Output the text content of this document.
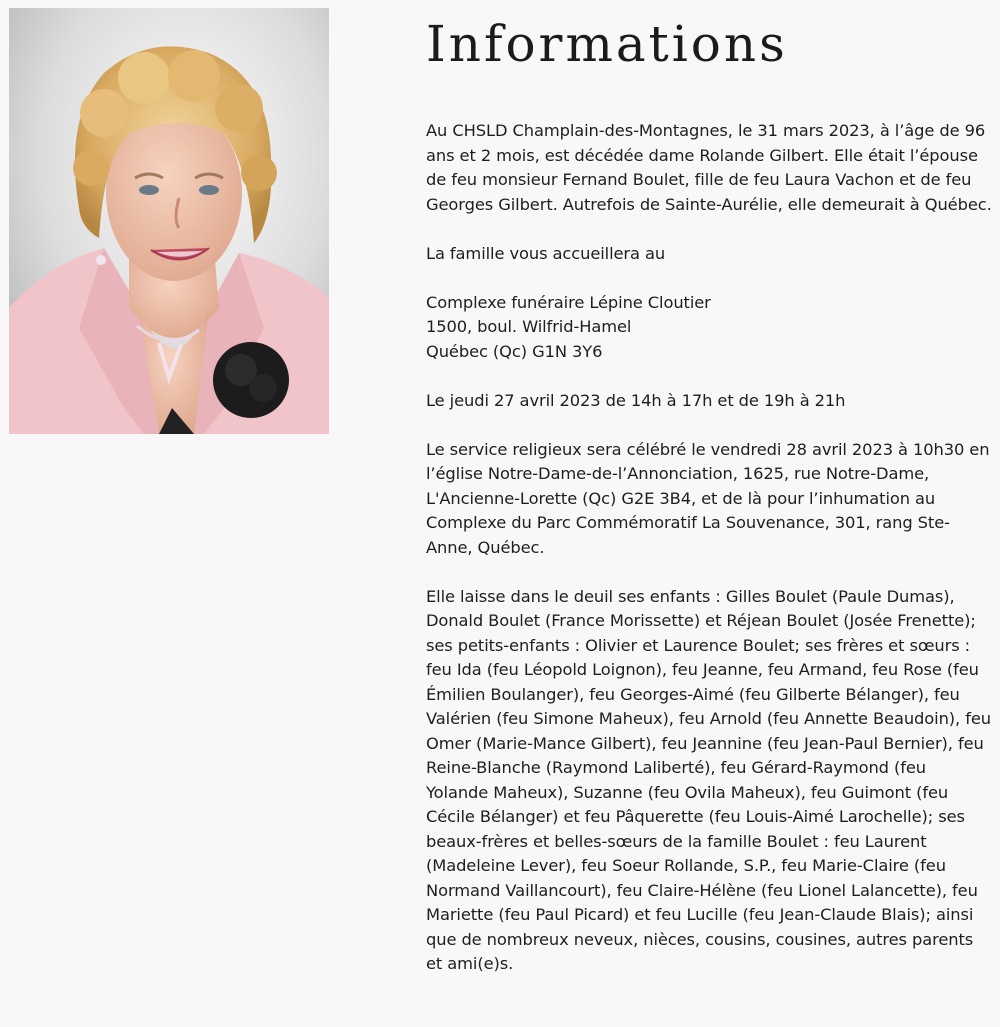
Informations

Au CHSLD Champlain-des-Montagnes, le 31 mars 2023, à l’âge de 96 ans et 2 mois, est décédée dame Rolande Gilbert. Elle était l’épouse de feu monsieur Fernand Boulet, fille de feu Laura Vachon et de feu Georges Gilbert. Autrefois de Sainte-Aurélie, elle demeurait à Québec.

La famille vous accueillera au

Complexe funéraire Lépine Cloutier
1500, boul. Wilfrid-Hamel
Québec (Qc) G1N 3Y6

Le jeudi 27 avril 2023 de 14h à 17h et de 19h à 21h

Le service religieux sera célébré le vendredi 28 avril 2023 à 10h30 en l’église Notre-Dame-de-l’Annonciation, 1625, rue Notre-Dame, L'Ancienne-Lorette (Qc) G2E 3B4, et de là pour l’inhumation au Complexe du Parc Commémoratif La Souvenance, 301, rang Ste-Anne, Québec.

Elle laisse dans le deuil ses enfants : Gilles Boulet (Paule Dumas), Donald Boulet (France Morissette) et Réjean Boulet (Josée Frenette); ses petits-enfants : Olivier et Laurence Boulet; ses frères et sœurs : feu Ida (feu Léopold Loignon), feu Jeanne, feu Armand, feu Rose (feu Émilien Boulanger), feu Georges-Aimé (feu Gilberte Bélanger), feu Valérien (feu Simone Maheux), feu Arnold (feu Annette Beaudoin), feu Omer (Marie-Mance Gilbert), feu Jeannine (feu Jean-Paul Bernier), feu Reine-Blanche (Raymond Laliberté), feu Gérard-Raymond (feu Yolande Maheux), Suzanne (feu Ovila Maheux), feu Guimont (feu Cécile Bélanger) et feu Pâquerette (feu Louis-Aimé Larochelle); ses beaux-frères et belles-sœurs de la famille Boulet : feu Laurent (Madeleine Lever), feu Soeur Rollande, S.P., feu Marie-Claire (feu Normand Vaillancourt), feu Claire-Hélène (feu Lionel Lalancette), feu Mariette (feu Paul Picard) et feu Lucille (feu Jean-Claude Blais); ainsi que de nombreux neveux, nièces, cousins, cousines, autres parents et ami(e)s.
